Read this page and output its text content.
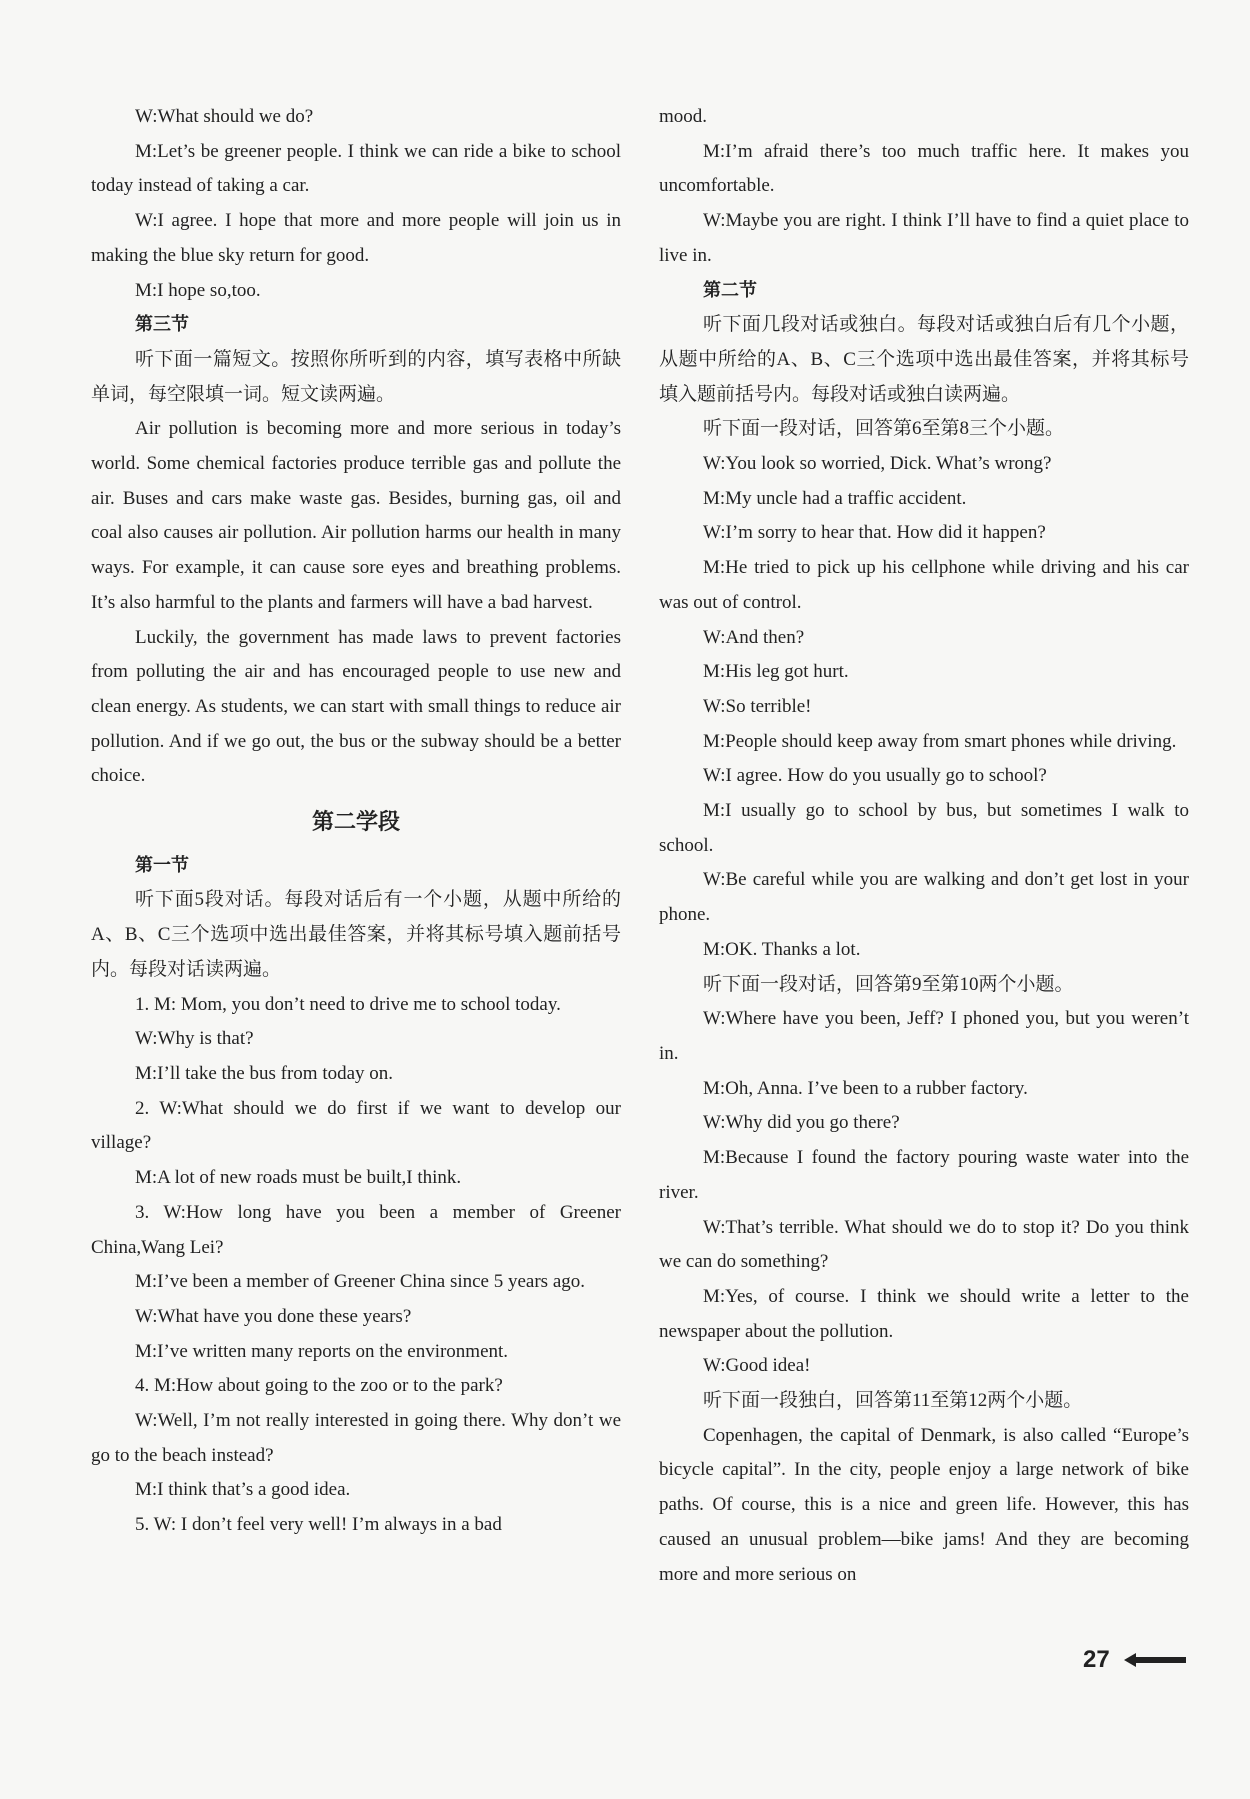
W:What should we do?

M:Let’s be greener people. I think we can ride a bike to school today instead of taking a car.

W:I agree. I hope that more and more people will join us in making the blue sky return for good.

M:I hope so,too.

第三节

听下面一篇短文。按照你所听到的内容，填写表格中所缺单词，每空限填一词。短文读两遍。

Air pollution is becoming more and more serious in today’s world. Some chemical factories produce terrible gas and pollute the air. Buses and cars make waste gas. Besides, burning gas, oil and coal also causes air pollution. Air pollution harms our health in many ways. For example, it can cause sore eyes and breathing problems. It’s also harmful to the plants and farmers will have a bad harvest.

Luckily, the government has made laws to prevent factories from polluting the air and has encouraged people to use new and clean energy. As students, we can start with small things to reduce air pollution. And if we go out, the bus or the subway should be a better choice.

第二学段

第一节

听下面5段对话。每段对话后有一个小题，从题中所给的A、B、C三个选项中选出最佳答案，并将其标号填入题前括号内。每段对话读两遍。

1. M: Mom, you don’t need to drive me to school today.

W:Why is that?

M:I’ll take the bus from today on.

2. W:What should we do first if we want to develop our village?

M:A lot of new roads must be built,I think.

3. W:How long have you been a member of Greener China,Wang Lei?

M:I’ve been a member of Greener China since 5 years ago.

W:What have you done these years?

M:I’ve written many reports on the environment.

4. M:How about going to the zoo or to the park?

W:Well, I’m not really interested in going there. Why don’t we go to the beach instead?

M:I think that’s a good idea.

5. W: I don’t feel very well! I’m always in a bad

mood.

M:I’m afraid there’s too much traffic here. It makes you uncomfortable.

W:Maybe you are right. I think I’ll have to find a quiet place to live in.

第二节

听下面几段对话或独白。每段对话或独白后有几个小题，从题中所给的A、B、C三个选项中选出最佳答案，并将其标号填入题前括号内。每段对话或独白读两遍。

听下面一段对话，回答第6至第8三个小题。

W:You look so worried, Dick. What’s wrong?

M:My uncle had a traffic accident.

W:I’m sorry to hear that. How did it happen?

M:He tried to pick up his cellphone while driving and his car was out of control.

W:And then?

M:His leg got hurt.

W:So terrible!

M:People should keep away from smart phones while driving.

W:I agree. How do you usually go to school?

M:I usually go to school by bus, but sometimes I walk to school.

W:Be careful while you are walking and don’t get lost in your phone.

M:OK. Thanks a lot.

听下面一段对话，回答第9至第10两个小题。

W:Where have you been, Jeff? I phoned you, but you weren’t in.

M:Oh, Anna. I’ve been to a rubber factory.

W:Why did you go there?

M:Because I found the factory pouring waste water into the river.

W:That’s terrible. What should we do to stop it? Do you think we can do something?

M:Yes, of course. I think we should write a letter to the newspaper about the pollution.

W:Good idea!

听下面一段独白，回答第11至第12两个小题。

Copenhagen, the capital of Denmark, is also called “Europe’s bicycle capital”. In the city, people enjoy a large network of bike paths. Of course, this is a nice and green life. However, this has caused an unusual problem—bike jams! And they are becoming more and more serious on

27
